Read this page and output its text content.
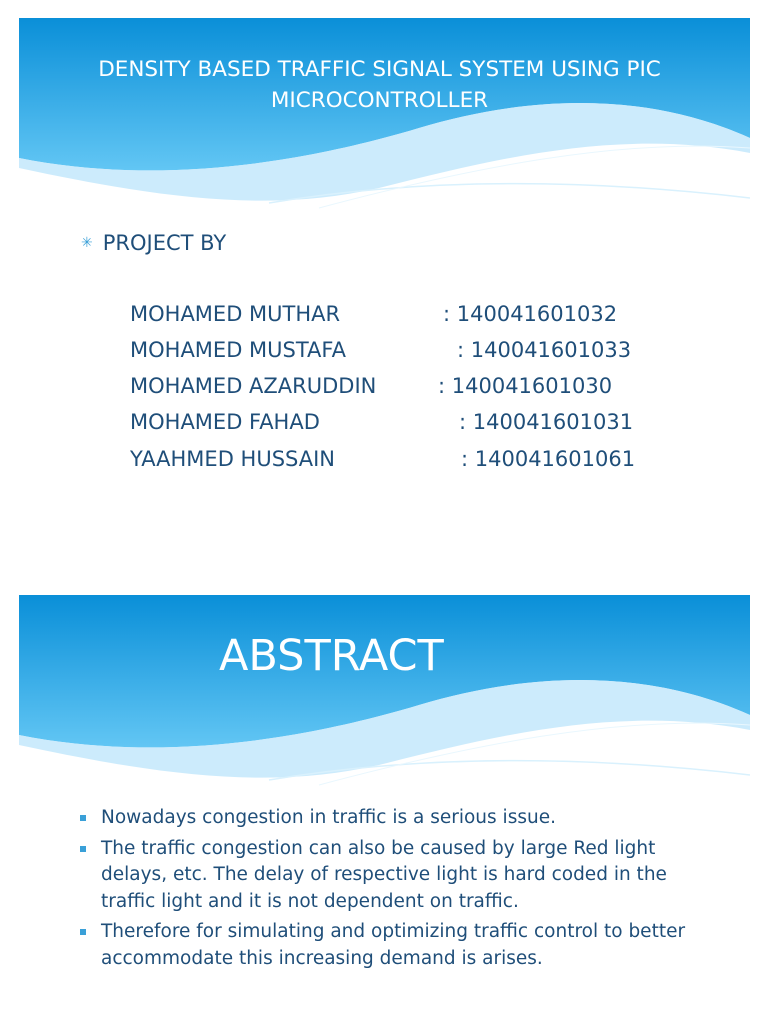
DENSITY BASED TRAFFIC SIGNAL SYSTEM USING PIC MICROCONTROLLER
✳ PROJECT BY
MOHAMED MUTHAR	: 140041601032
MOHAMED MUSTAFA	: 140041601033
MOHAMED AZARUDDIN	: 140041601030
MOHAMED FAHAD	: 140041601031
YAAHMED HUSSAIN	: 140041601061
ABSTRACT
Nowadays congestion in traffic is a serious issue.
The traffic congestion can also be caused by large Red light delays, etc. The delay of respective light is hard coded in the traffic light and it is not dependent on traffic.
Therefore for simulating and optimizing traffic control to better accommodate this increasing demand is arises.
